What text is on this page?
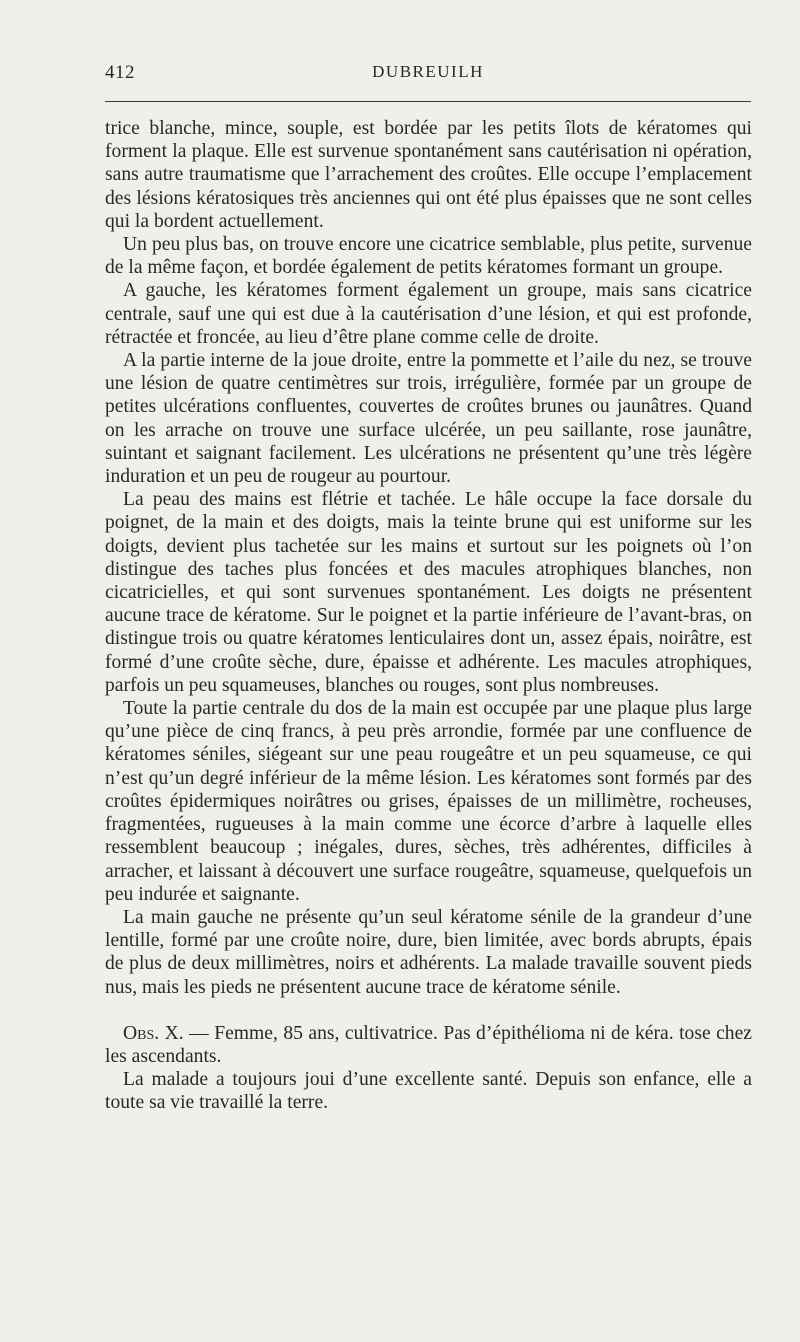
412	DUBREUILH

trice blanche, mince, souple, est bordée par les petits îlots de kératomes qui forment la plaque. Elle est survenue spontanément sans cautérisation ni opération, sans autre traumatisme que l’arrachement des croûtes. Elle occupe l’emplacement des lésions kératosiques très anciennes qui ont été plus épaisses que ne sont celles qui la bordent actuellement.

Un peu plus bas, on trouve encore une cicatrice semblable, plus petite, survenue de la même façon, et bordée également de petits kératomes formant un groupe.

A gauche, les kératomes forment également un groupe, mais sans cicatrice centrale, sauf une qui est due à la cautérisation d’une lésion, et qui est profonde, rétractée et froncée, au lieu d’être plane comme celle de droite.

A la partie interne de la joue droite, entre la pommette et l’aile du nez, se trouve une lésion de quatre centimètres sur trois, irrégulière, formée par un groupe de petites ulcérations confluentes, couvertes de croûtes brunes ou jaunâtres. Quand on les arrache on trouve une surface ulcérée, un peu saillante, rose jaunâtre, suintant et saignant facilement. Les ulcérations ne présentent qu’une très légère induration et un peu de rougeur au pourtour.

La peau des mains est flétrie et tachée. Le hâle occupe la face dorsale du poignet, de la main et des doigts, mais la teinte brune qui est uniforme sur les doigts, devient plus tachetée sur les mains et surtout sur les poignets où l’on distingue des taches plus foncées et des macules atrophiques blanches, non cicatricielles, et qui sont survenues spontanément. Les doigts ne présentent aucune trace de kératome. Sur le poignet et la partie inférieure de l’avant-bras, on distingue trois ou quatre kératomes lenticulaires dont un, assez épais, noirâtre, est formé d’une croûte sèche, dure, épaisse et adhérente. Les macules atrophiques, parfois un peu squameuses, blanches ou rouges, sont plus nombreuses.

Toute la partie centrale du dos de la main est occupée par une plaque plus large qu’une pièce de cinq francs, à peu près arrondie, formée par une confluence de kératomes séniles, siégeant sur une peau rougeâtre et un peu squameuse, ce qui n’est qu’un degré inférieur de la même lésion. Les kératomes sont formés par des croûtes épidermiques noirâtres ou grises, épaisses de un millimètre, rocheuses, fragmentées, rugueuses à la main comme une écorce d’arbre à laquelle elles ressemblent beaucoup ; inégales, dures, sèches, très adhérentes, difficiles à arracher, et laissant à découvert une surface rougeâtre, squameuse, quelquefois un peu indurée et saignante.

La main gauche ne présente qu’un seul kératome sénile de la grandeur d’une lentille, formé par une croûte noire, dure, bien limitée, avec bords abrupts, épais de plus de deux millimètres, noirs et adhérents. La malade travaille souvent pieds nus, mais les pieds ne présentent aucune trace de kératome sénile.

Obs. X. — Femme, 85 ans, cultivatrice. Pas d’épithélioma ni de kéra. tose chez les ascendants.

La malade a toujours joui d’une excellente santé. Depuis son enfance, elle a toute sa vie travaillé la terre.
